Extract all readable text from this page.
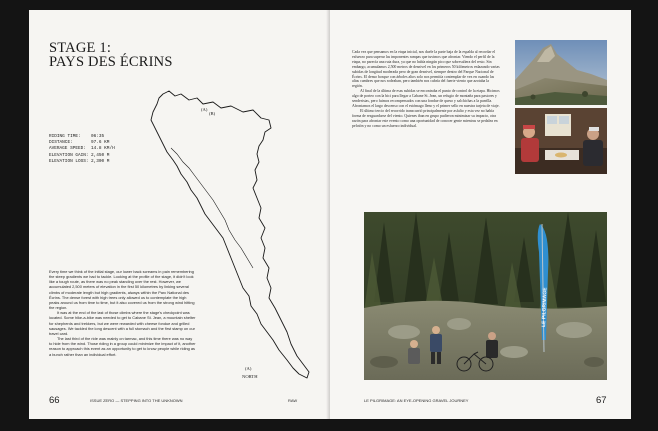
STAGE 1:
PAYS DES ÉCRINS
RIDING TIME: 06:35
DISTANCE:	97.6 KM
AVERAGE SPEED: 14.8 KM/H
ELEVATION GAIN: 2,450 M
ELEVATION LOSS: 2,300 M
(A)
(B)
(A)
NORTH

Every time we think of the initial stage, our lower back screams in pain remembering the steep gradients we had to tackle. Looking at the profile of the stage, it didn't look like a tough route, as there was no peak standing over the rest. However, we accumulated 2,500 meters of elevation in the first 50 kilometres by linking several climbs of moderate length but high gradients, always within the Parc National des Écrins. The dense forest with high trees only allowed us to contemplate the high peaks around us from time to time, but it also covered us from the strong wind hitting the region.

It was at the end of the last of those climbs where the stage's checkpoint was located. Some hike-a-bike was needed to get to Cabane St. Jean, a mountain shelter for shepherds and trekkers, but we were rewarded with cheese fondue and grilled sausages. We tackled the long descent with a full stomach and the first stamp on our travel card.

The last third of the ride was mainly on tarmac, and this time there was no way to hide from the wind. Those riding in a group could minimize the impact of it, another reason to approach this event as an opportunity to get to know people while riding as a bunch rather than an individual effort.

66	ISSUE ZERO — STEPPING INTO THE UNKNOWN	RAW

Cada vez que pensamos en la etapa inicial, nos duele la parte baja de la espalda al recordar el esfuerzo para superar las imponentes rampas que tuvimos que afrontar. Viendo el perfil de la etapa, no parecía una ruta dura, ya que no había ningún pico que sobresaliera del resto. Sin embargo, acumulamos 2,500 metros de desnivel en los primeros 50 kilómetros enlazando varias subidas de longitud moderada pero de gran desnivel, siempre dentro del Parque Nacional de Écrins. El denso bosque con árboles altos solo nos permitía contemplar de vez en cuando las altas cumbres que nos rodeaban, pero también nos cubría del fuerte viento que azotaba la región.

Al final de la última de esas subidas se encontraba el punto de control de la etapa. Hicimos algo de porteo con la bici para llegar a Cabane St. Jean, un refugio de montaña para pastores y senderistas, pero fuimos recompensados con una fondue de queso y salchichas a la parrilla. Afrontamos el largo descenso con el estómago lleno y el primer sello en nuestra tarjeta de viaje.

El último tercio del recorrido transcurrió principalmente por asfalto y esta vez no había forma de resguardarse del viento. Quienes iban en grupo pudieron minimizar su impacto, otra razón para afrontar este evento como una oportunidad de conocer gente mientras se pedalea en pelotón y no como un esfuerzo individual.

LE PILGRIMAGE
LE PILGRIMAGE: AN EYE-OPENING GRAVEL JOURNEY	67
